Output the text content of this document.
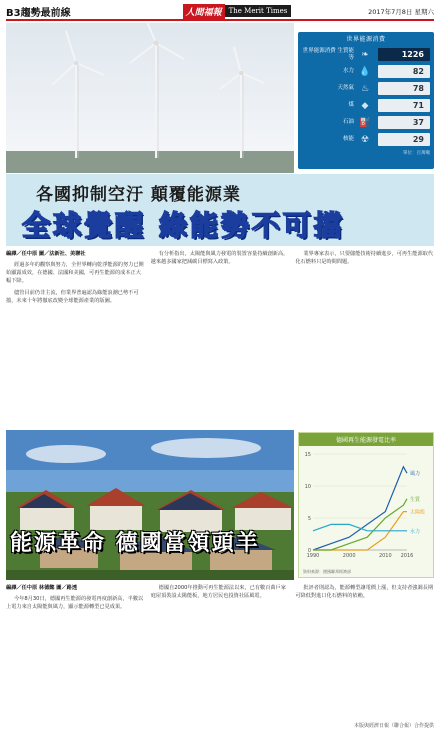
B3趨勢最前線	人間福報	The Merit Times	2017年7月8日 星期六
世界能源消費
世界能源消費 生質能等 ❧	1226
水力 💧	82
天然氣 ♨	78
煤 ◆	71
石油 ⛽	37
核能 ☢	29
單位：百萬噸
各國抑制空汙 顛覆能源業
全球覺醒 綠能勢不可擋
編譯／任中原 圖／法新社、美聯社

經過多年的觀察與努力，全世界轉向乾淨能源的努力已開始顯露成效，在德國、法國和美國，可再生能源的成本正大幅下降。

儘管目前仍非主流，但業界普遍認為綠能浪潮已勢不可擋，未來十年將徹底改變全球能源產業的版圖。

有分析指出，太陽能與風力發電的裝置容量持續創新高，越來越多國家把減碳目標寫入政策。

業界專家表示，只要儲能技術持續進步，可再生能源取代化石燃料只是時間問題。

能源革命 德國當領頭羊
德國再生能源發電比率
0
5
10
15
1990	2000	2010 2016
風力
太陽能
生質
水力
資料來源：德國聯邦經濟部
編譯／任中原 林德懿 圖／路透

今年8月30日，德國再生能源的發電再度創新高，半數以上電力來自太陽能與風力，顯示能源轉型已見成果。

德國自2000年推動可再生能源法以來，已有數百萬戶家庭屋頂裝設太陽能板，地方居民也投資社區風電。

批評者則認為，能源轉型讓電價上漲，但支持者強調長期可降低對進口化石燃料的依賴。

本版與經濟日報（聯合報）合作提供
